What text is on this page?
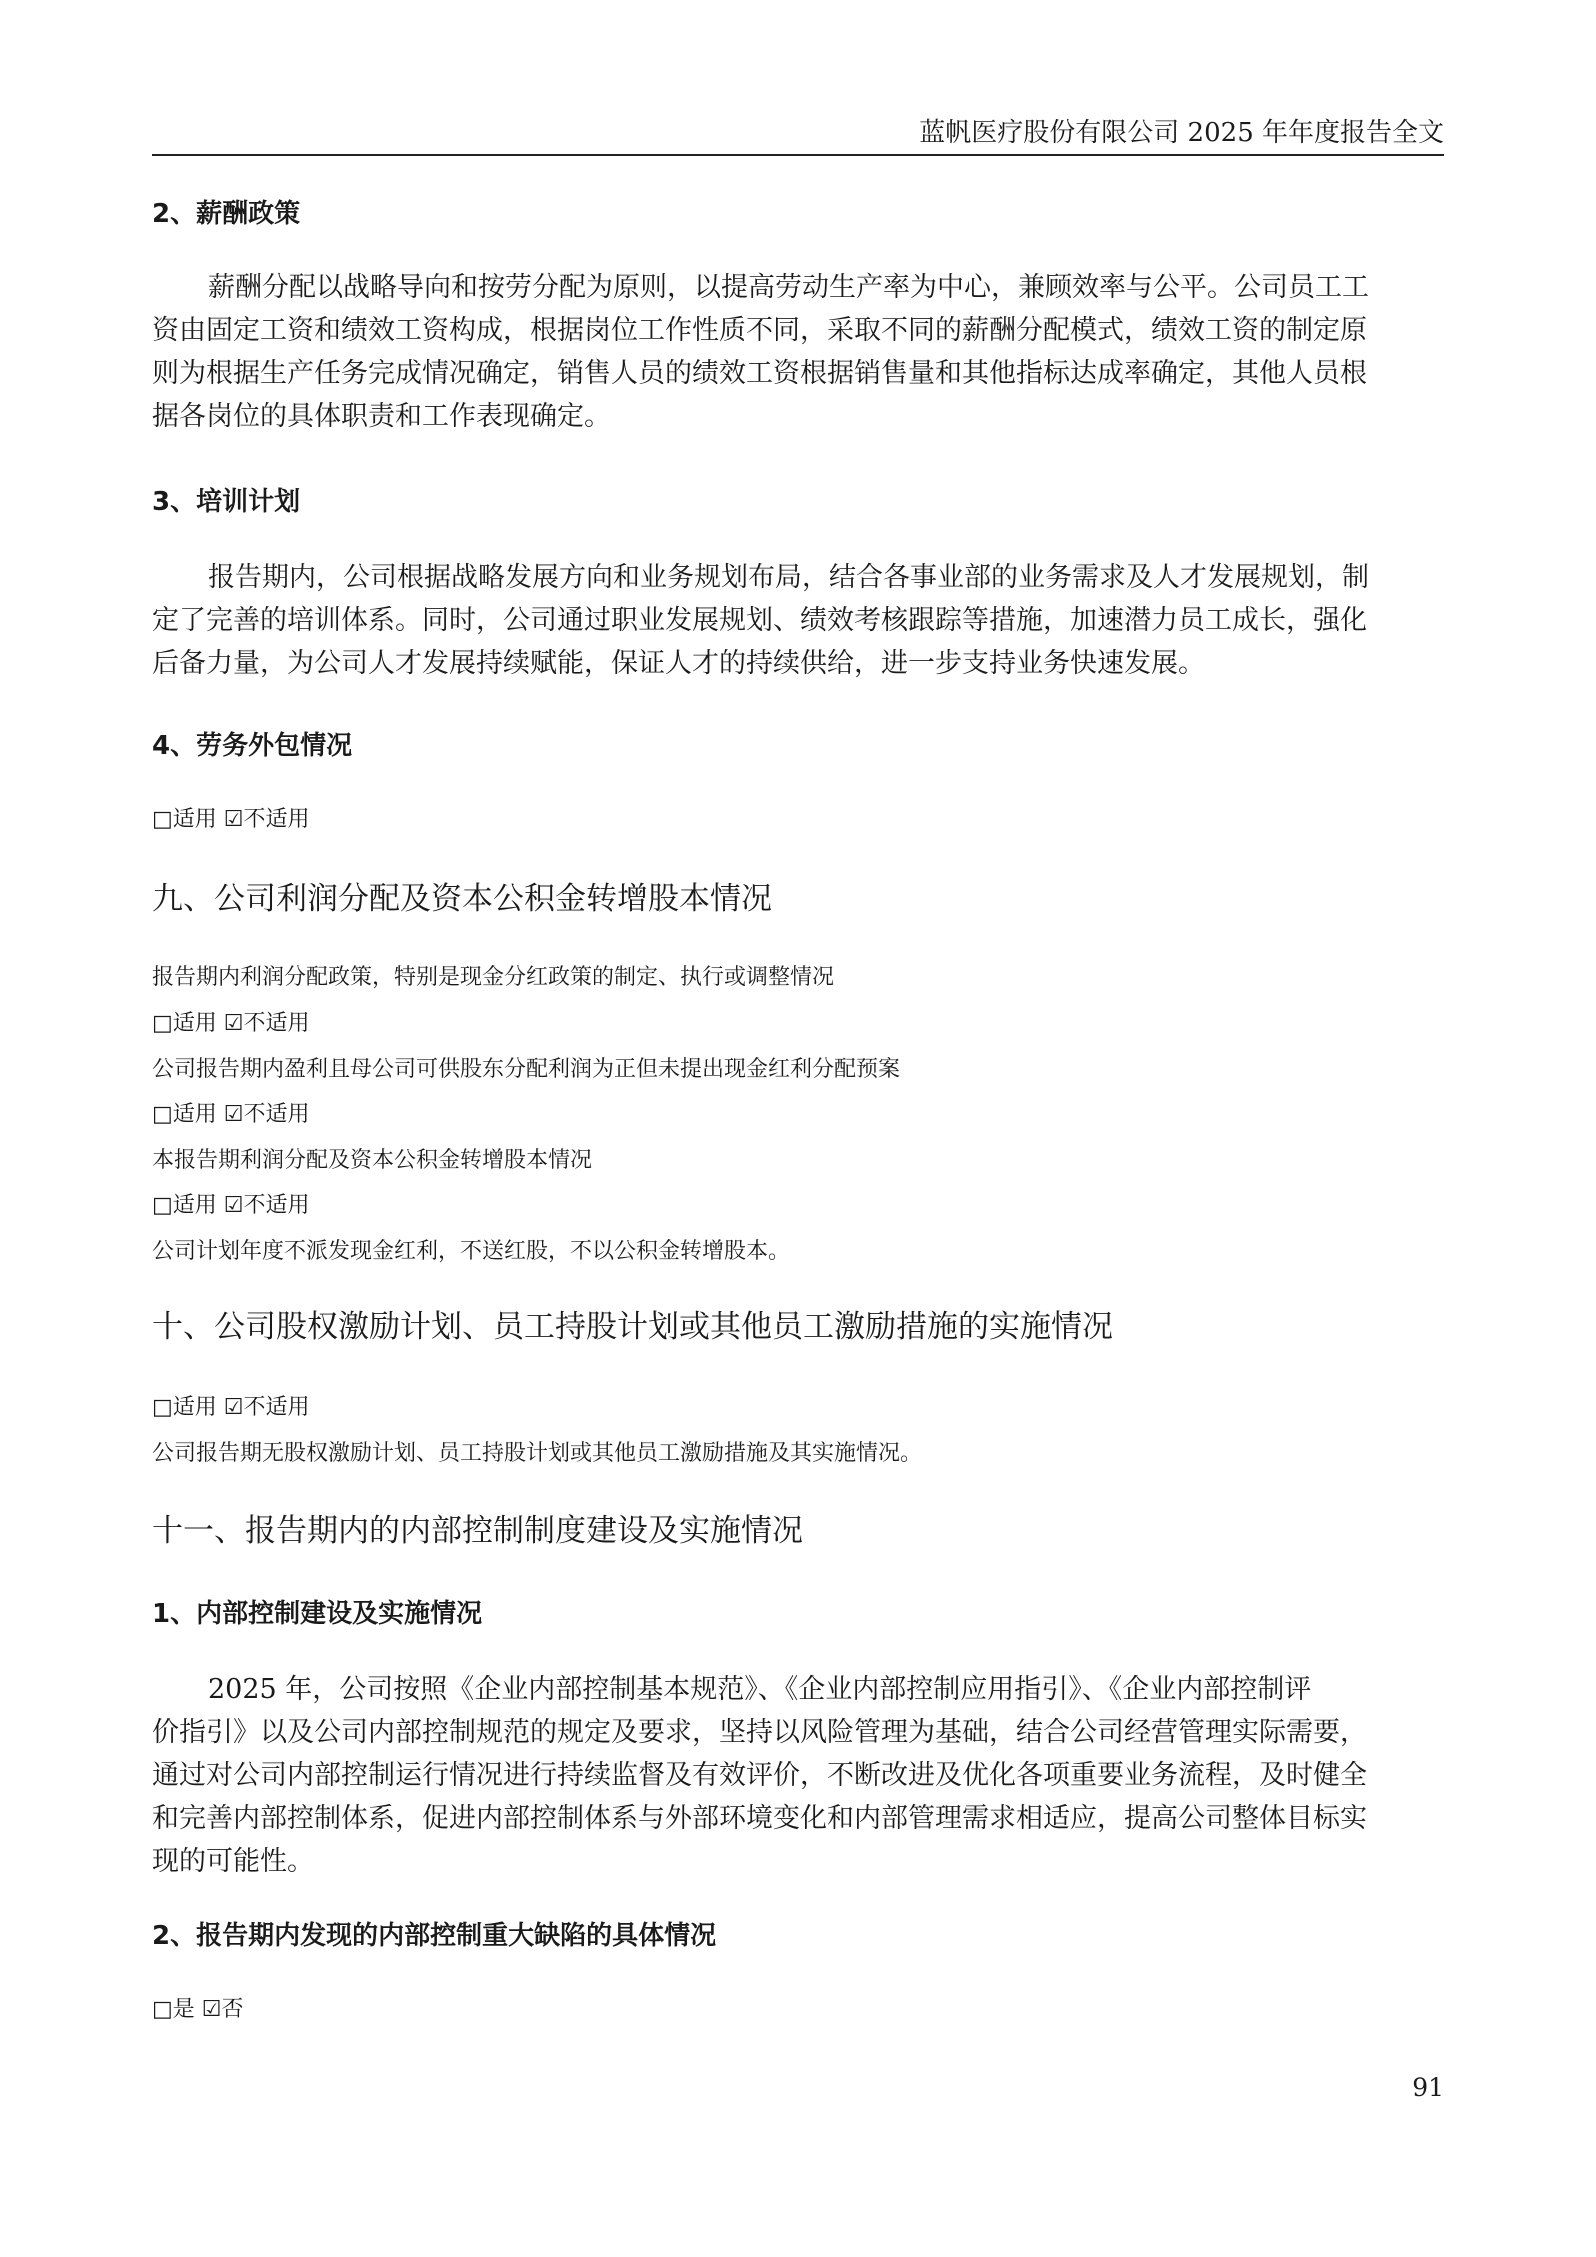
蓝帆医疗股份有限公司 2025 年年度报告全文
2、薪酬政策
薪酬分配以战略导向和按劳分配为原则，以提高劳动生产率为中心，兼顾效率与公平。公司员工工
资由固定工资和绩效工资构成，根据岗位工作性质不同，采取不同的薪酬分配模式，绩效工资的制定原
则为根据生产任务完成情况确定，销售人员的绩效工资根据销售量和其他指标达成率确定，其他人员根
据各岗位的具体职责和工作表现确定。
3、培训计划
报告期内，公司根据战略发展方向和业务规划布局，结合各事业部的业务需求及人才发展规划，制
定了完善的培训体系。同时，公司通过职业发展规划、绩效考核跟踪等措施，加速潜力员工成长，强化
后备力量，为公司人才发展持续赋能，保证人才的持续供给，进一步支持业务快速发展。
4、劳务外包情况
□适用 ☑不适用
九、公司利润分配及资本公积金转增股本情况
报告期内利润分配政策，特别是现金分红政策的制定、执行或调整情况
□适用 ☑不适用
公司报告期内盈利且母公司可供股东分配利润为正但未提出现金红利分配预案
□适用 ☑不适用
本报告期利润分配及资本公积金转增股本情况
□适用 ☑不适用
公司计划年度不派发现金红利，不送红股，不以公积金转增股本。
十、公司股权激励计划、员工持股计划或其他员工激励措施的实施情况
□适用 ☑不适用
公司报告期无股权激励计划、员工持股计划或其他员工激励措施及其实施情况。
十一、报告期内的内部控制制度建设及实施情况
1、内部控制建设及实施情况
2025 年，公司按照《企业内部控制基本规范》、《企业内部控制应用指引》、《企业内部控制评
价指引》以及公司内部控制规范的规定及要求，坚持以风险管理为基础，结合公司经营管理实际需要，
通过对公司内部控制运行情况进行持续监督及有效评价，不断改进及优化各项重要业务流程，及时健全
和完善内部控制体系，促进内部控制体系与外部环境变化和内部管理需求相适应，提高公司整体目标实
现的可能性。
2、报告期内发现的内部控制重大缺陷的具体情况
□是 ☑否
91
